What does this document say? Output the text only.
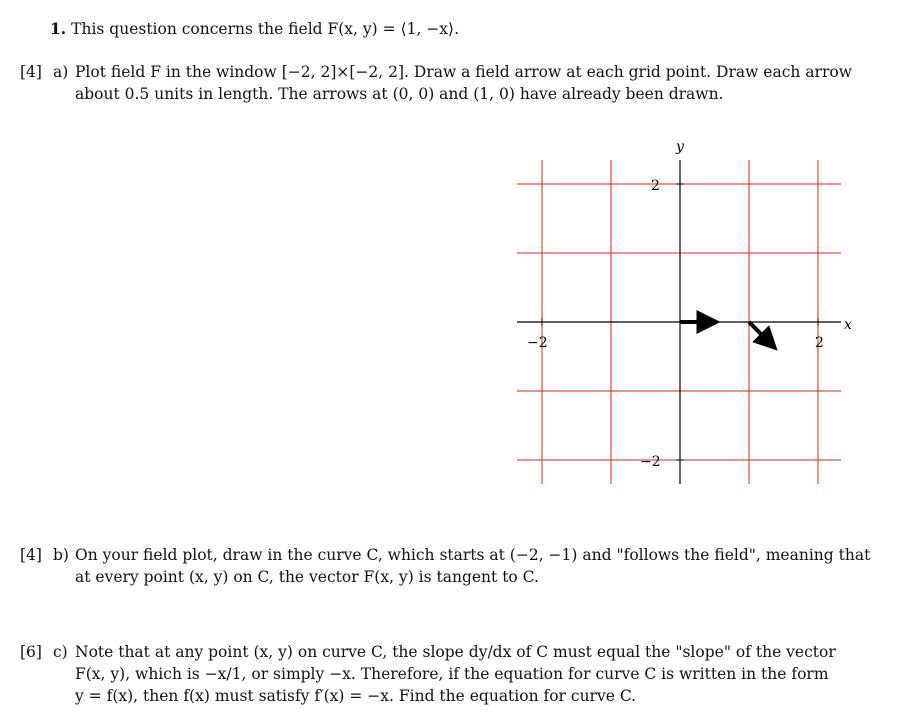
1. This question concerns the field F(x, y) = ⟨1, −x⟩.
[4] a) Plot field F in the window [−2, 2]×[−2, 2]. Draw a field arrow at each grid point. Draw each arrow
about 0.5 units in length. The arrows at (0, 0) and (1, 0) have already been drawn.
x
y
−2	2
2
−2
[4] b) On your field plot, draw in the curve C, which starts at (−2, −1) and "follows the field", meaning that
at every point (x, y) on C, the vector F(x, y) is tangent to C.
[6] c) Note that at any point (x, y) on curve C, the slope dy/dx of C must equal the "slope" of the vector
F(x, y), which is −x/1, or simply −x. Therefore, if the equation for curve C is written in the form
y = f(x), then f(x) must satisfy f′(x) = −x. Find the equation for curve C.
